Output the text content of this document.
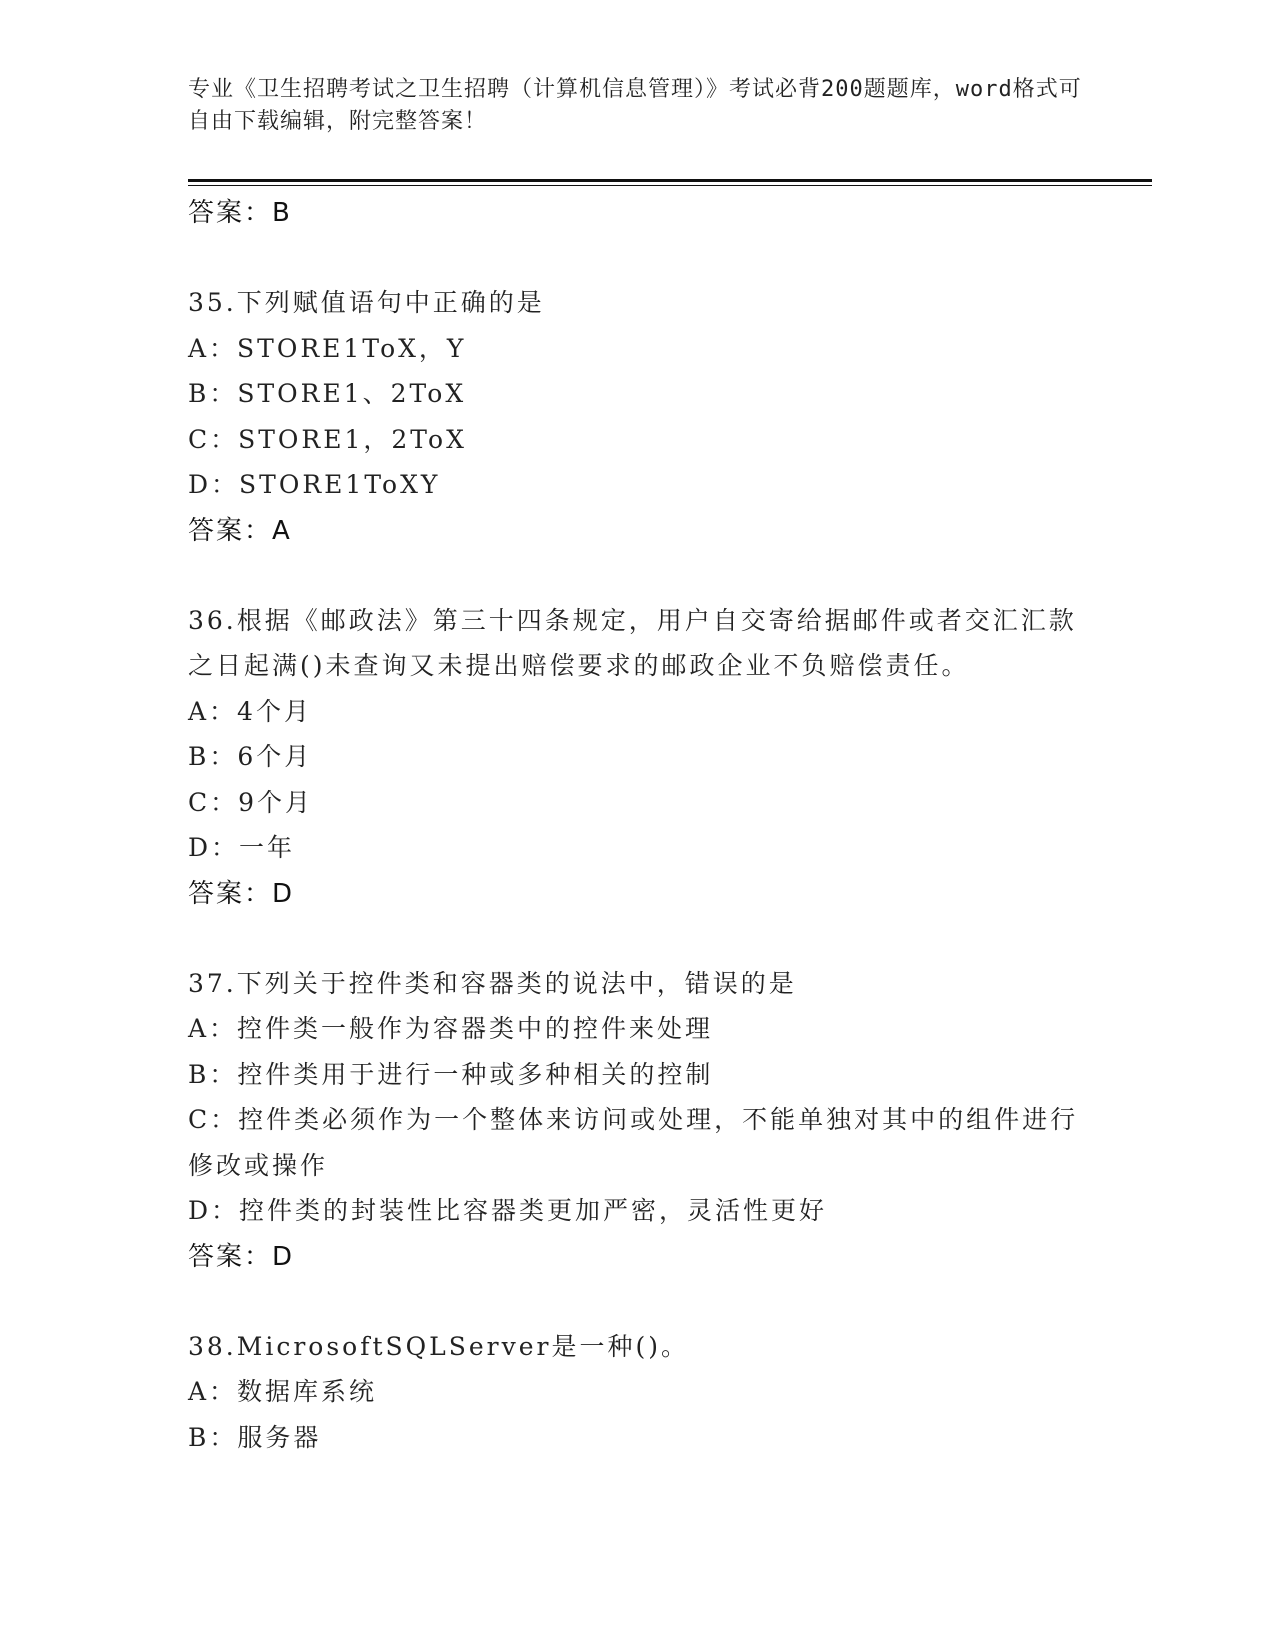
专业《卫生招聘考试之卫生招聘（计算机信息管理）》考试必背200题题库，word格式可自由下载编辑，附完整答案！
答案：B
35.下列赋值语句中正确的是
A：STORE1ToX，Y
B：STORE1、2ToX
C：STORE1，2ToX
D：STORE1ToXY
答案：A
36.根据《邮政法》第三十四条规定，用户自交寄给据邮件或者交汇汇款之日起满()未查询又未提出赔偿要求的邮政企业不负赔偿责任。
A：4个月
B：6个月
C：9个月
D：一年
答案：D
37.下列关于控件类和容器类的说法中，错误的是
A：控件类一般作为容器类中的控件来处理
B：控件类用于进行一种或多种相关的控制
C：控件类必须作为一个整体来访问或处理，不能单独对其中的组件进行修改或操作
D：控件类的封装性比容器类更加严密，灵活性更好
答案：D
38.MicrosoftSQLServer是一种()。
A：数据库系统
B：服务器
